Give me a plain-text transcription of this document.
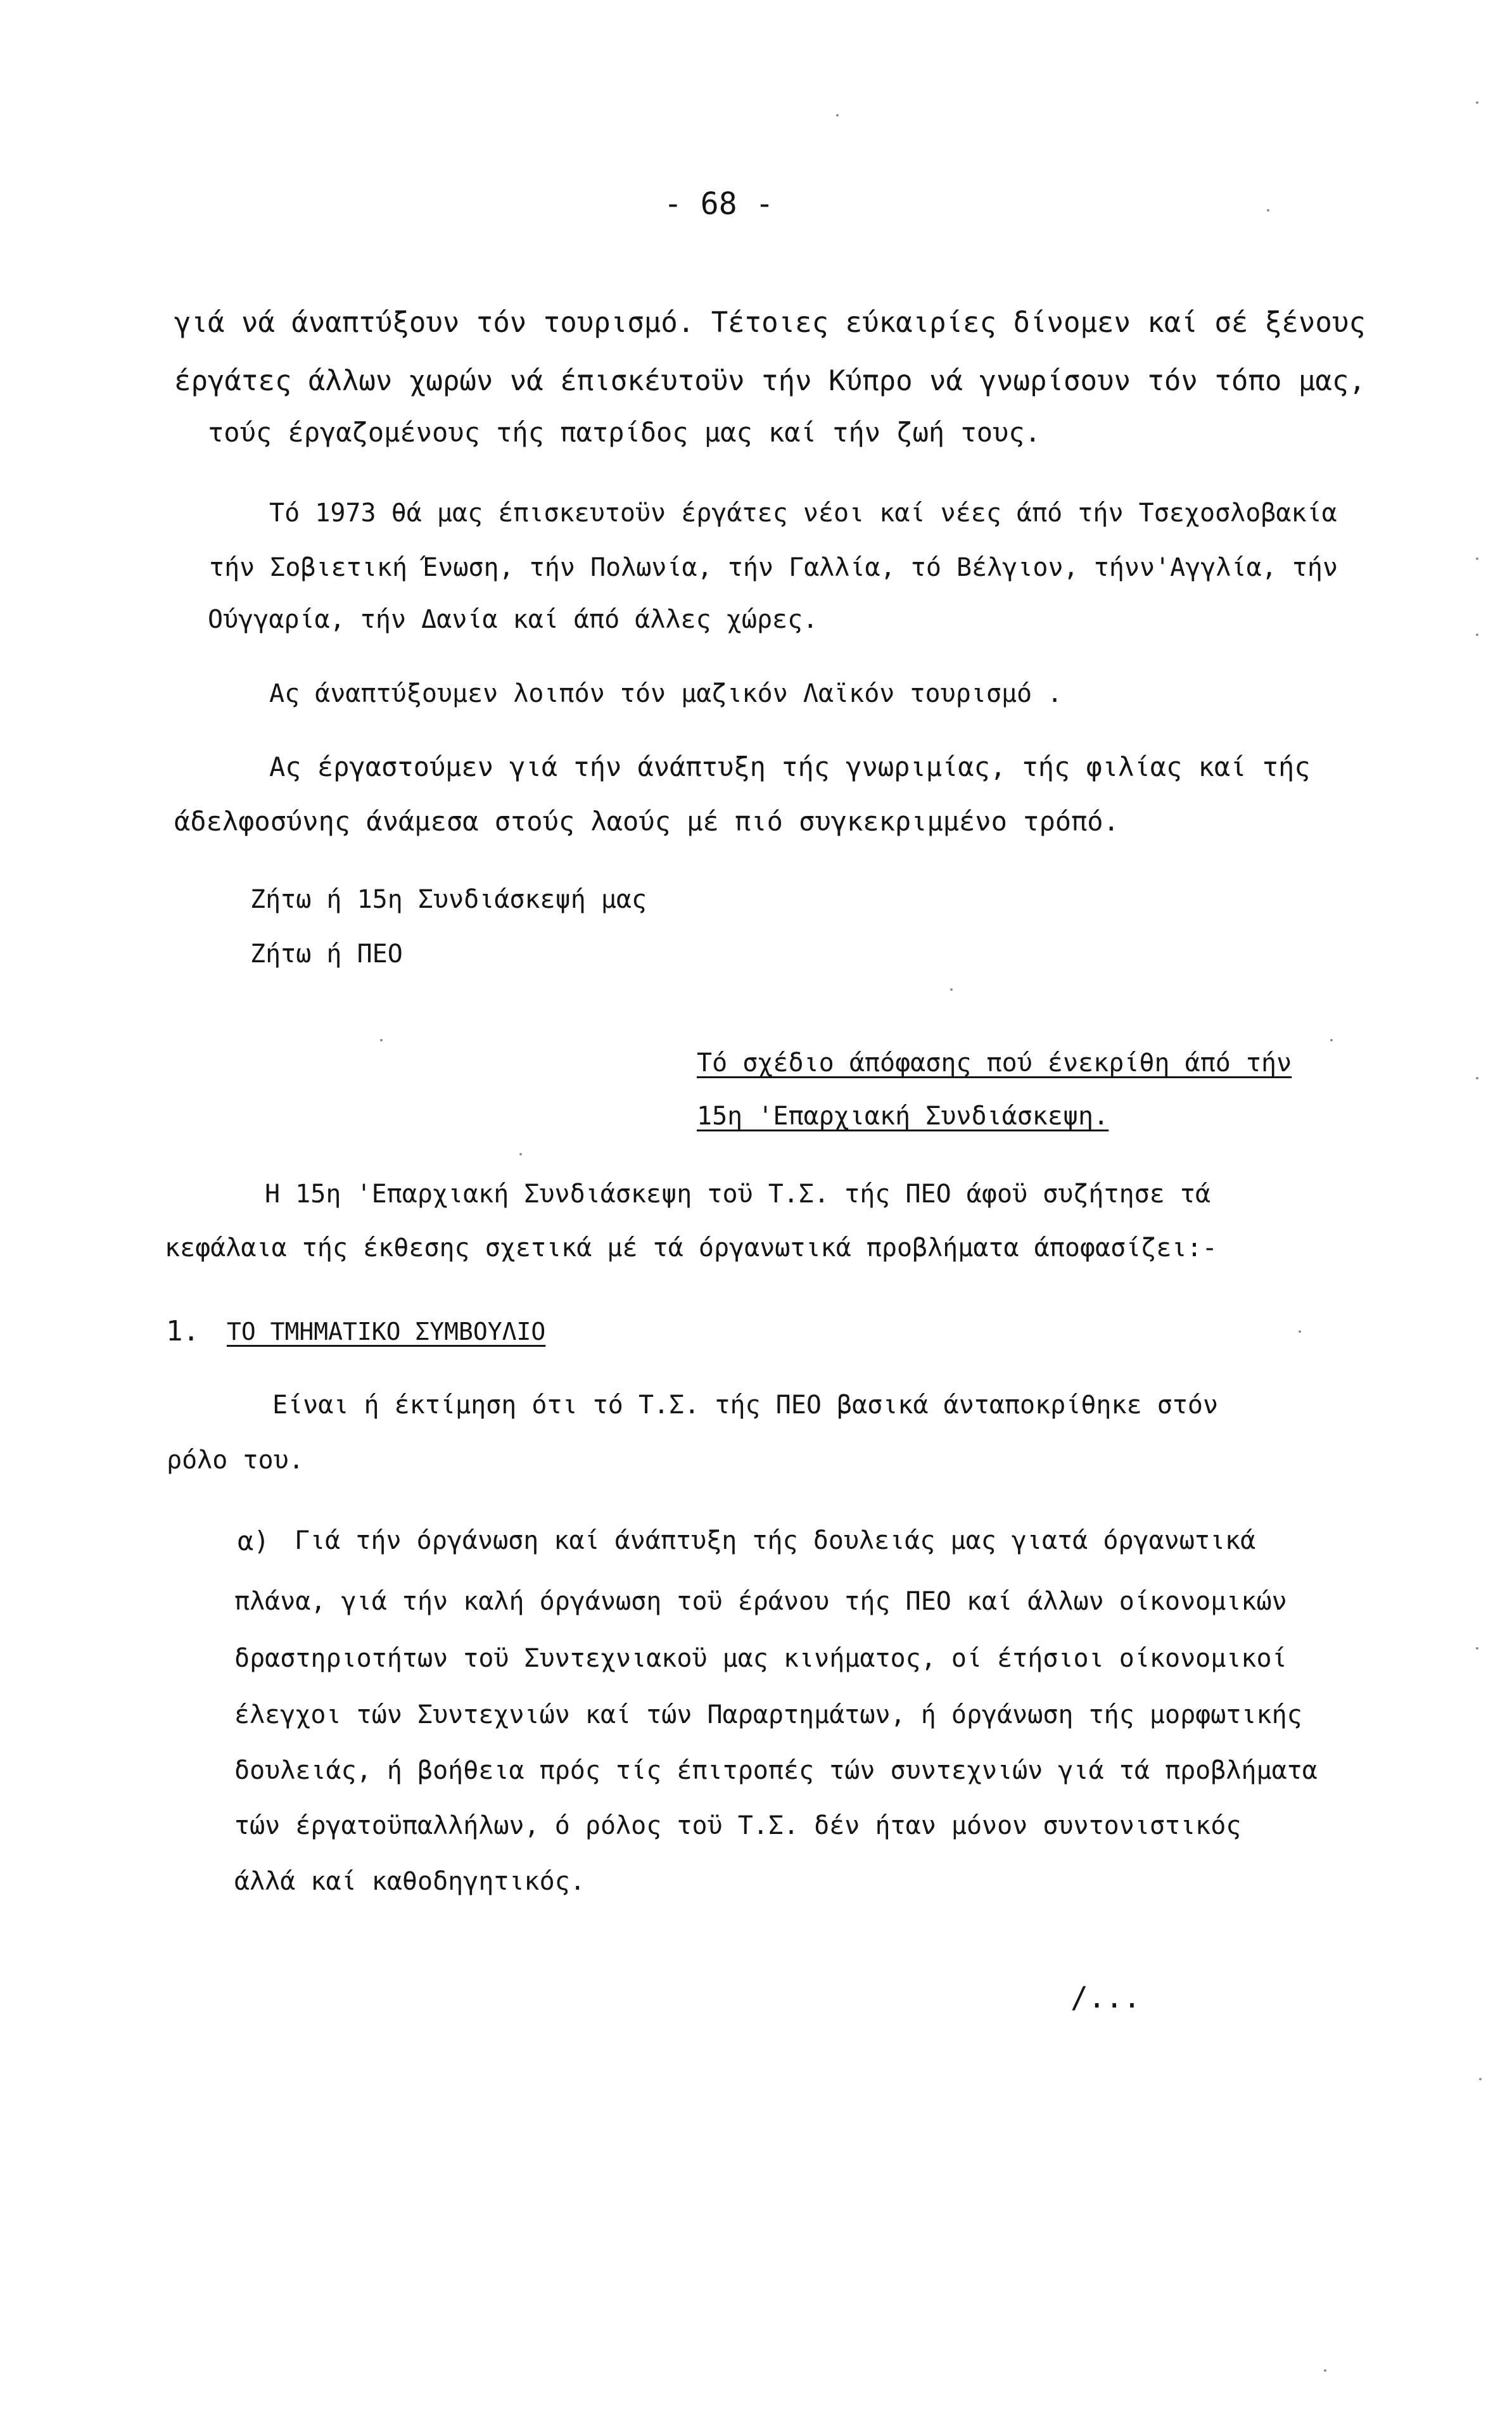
- 68 -
γιά νά άναπτύξουν τόν τουρισμό. Τέτοιες εύκαιρίες δίνομεν καί σέ ξένους
έργάτες άλλων χωρών νά έπισκέυτοϋν τήν Κύπρο νά γνωρίσουν τόν τόπο μας,
τούς έργαζομένους τής πατρίδος μας καί τήν ζωή τους.
Τό 1973 θά μας έπισκευτοϋν έργάτες νέοι καί νέες άπό τήν Τσεχοσλοβακία
τήν Σοβιετική Ένωση, τήν Πολωνία, τήν Γαλλία, τό Βέλγιον, τήνν'Αγγλία, τήν
Ούγγαρία, τήν Δανία καί άπό άλλες χώρες.
Ας άναπτύξουμεν λοιπόν τόν μαζικόν Λαϊκόν τουρισμό .
Ας έργαστούμεν γιά τήν άνάπτυξη τής γνωριμίας, τής φιλίας καί τής
άδελφοσύνης άνάμεσα στούς λαούς μέ πιό συγκεκριμμένο τρόπό.
Ζήτω ή 15η Συνδιάσκεψή μας
Ζήτω ή ΠΕΟ
Τό σχέδιο άπόφασης πού ένεκρίθη άπό τήν
15η 'Επαρχιακή Συνδιάσκεψη.
Η 15η 'Επαρχιακή Συνδιάσκεψη τοϋ Τ.Σ. τής ΠΕΟ άφοϋ συζήτησε τά
κεφάλαια τής έκθεσης σχετικά μέ τά όργανωτικά προβλήματα άποφασίζει:-
1. ΤΟ ΤΜΗΜΑΤΙΚΟ ΣΥΜΒΟΥΛΙΟ
Είναι ή έκτίμηση ότι τό Τ.Σ. τής ΠΕΟ βασικά άνταποκρίθηκε στόν
ρόλο του.
α) Γιά τήν όργάνωση καί άνάπτυξη τής δουλειάς μας γιατά όργανωτικά
πλάνα, γιά τήν καλή όργάνωση τοϋ έράνου τής ΠΕΟ καί άλλων οίκονομικών
δραστηριοτήτων τοϋ Συντεχνιακοϋ μας κινήματος, οί έτήσιοι οίκονομικοί
έλεγχοι τών Συντεχνιών καί τών Παραρτημάτων, ή όργάνωση τής μορφωτικής
δουλειάς, ή βοήθεια πρός τίς έπιτροπές τών συντεχνιών γιά τά προβλήματα
τών έργατοϋπαλλήλων, ό ρόλος τοϋ Τ.Σ. δέν ήταν μόνον συντονιστικός
άλλά καί καθοδηγητικός.
/...
